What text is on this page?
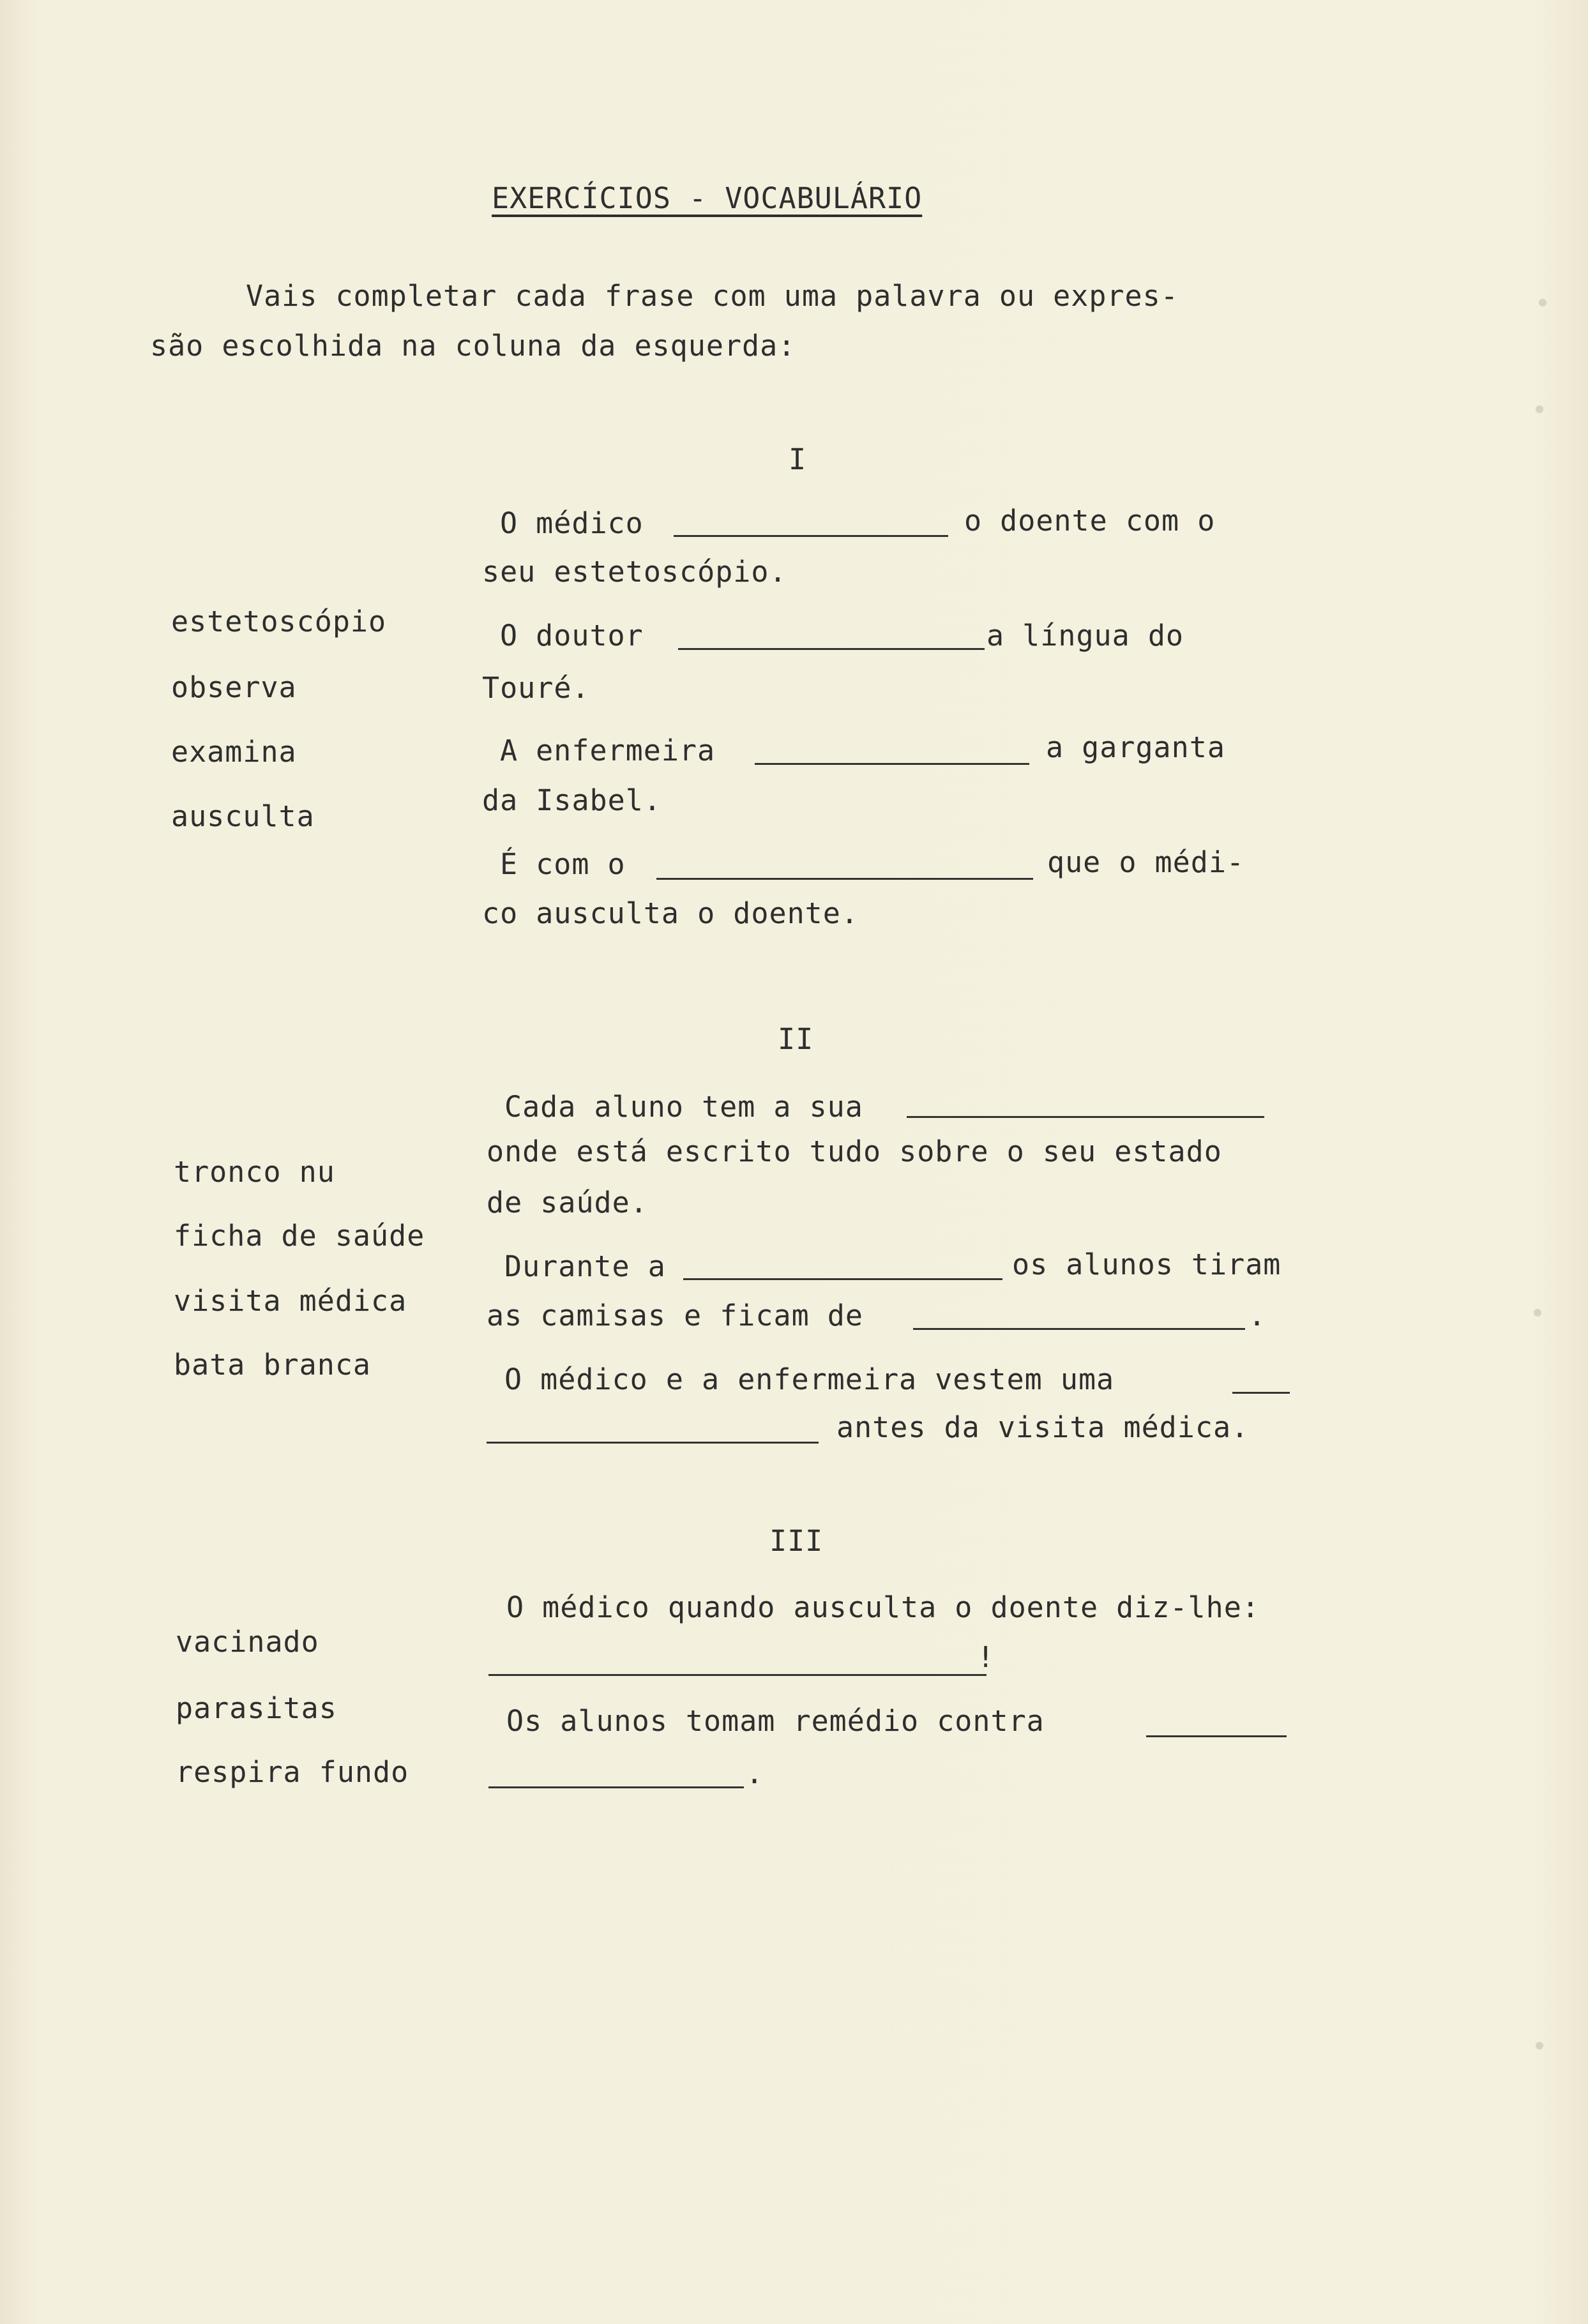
EXERCÍCIOS - VOCABULÁRIO
Vais completar cada frase com uma palavra ou expres-
são escolhida na coluna da esquerda:
I
estetoscópio
observa
examina
ausculta
O médico	o doente com o
seu estetoscópio.
O doutor	a língua do
Touré.
A enfermeira	a garganta
da Isabel.
É com o	que o médi-
co ausculta o doente.
II
tronco nu
ficha de saúde
visita médica
bata branca
Cada aluno tem a sua
onde está escrito tudo sobre o seu estado
de saúde.
Durante a	os alunos tiram
as camisas e ficam de	.
O médico e a enfermeira vestem uma
antes da visita médica.
III
vacinado
parasitas
respira fundo
O médico quando ausculta o doente diz-lhe:
!
Os alunos tomam remédio contra
.
